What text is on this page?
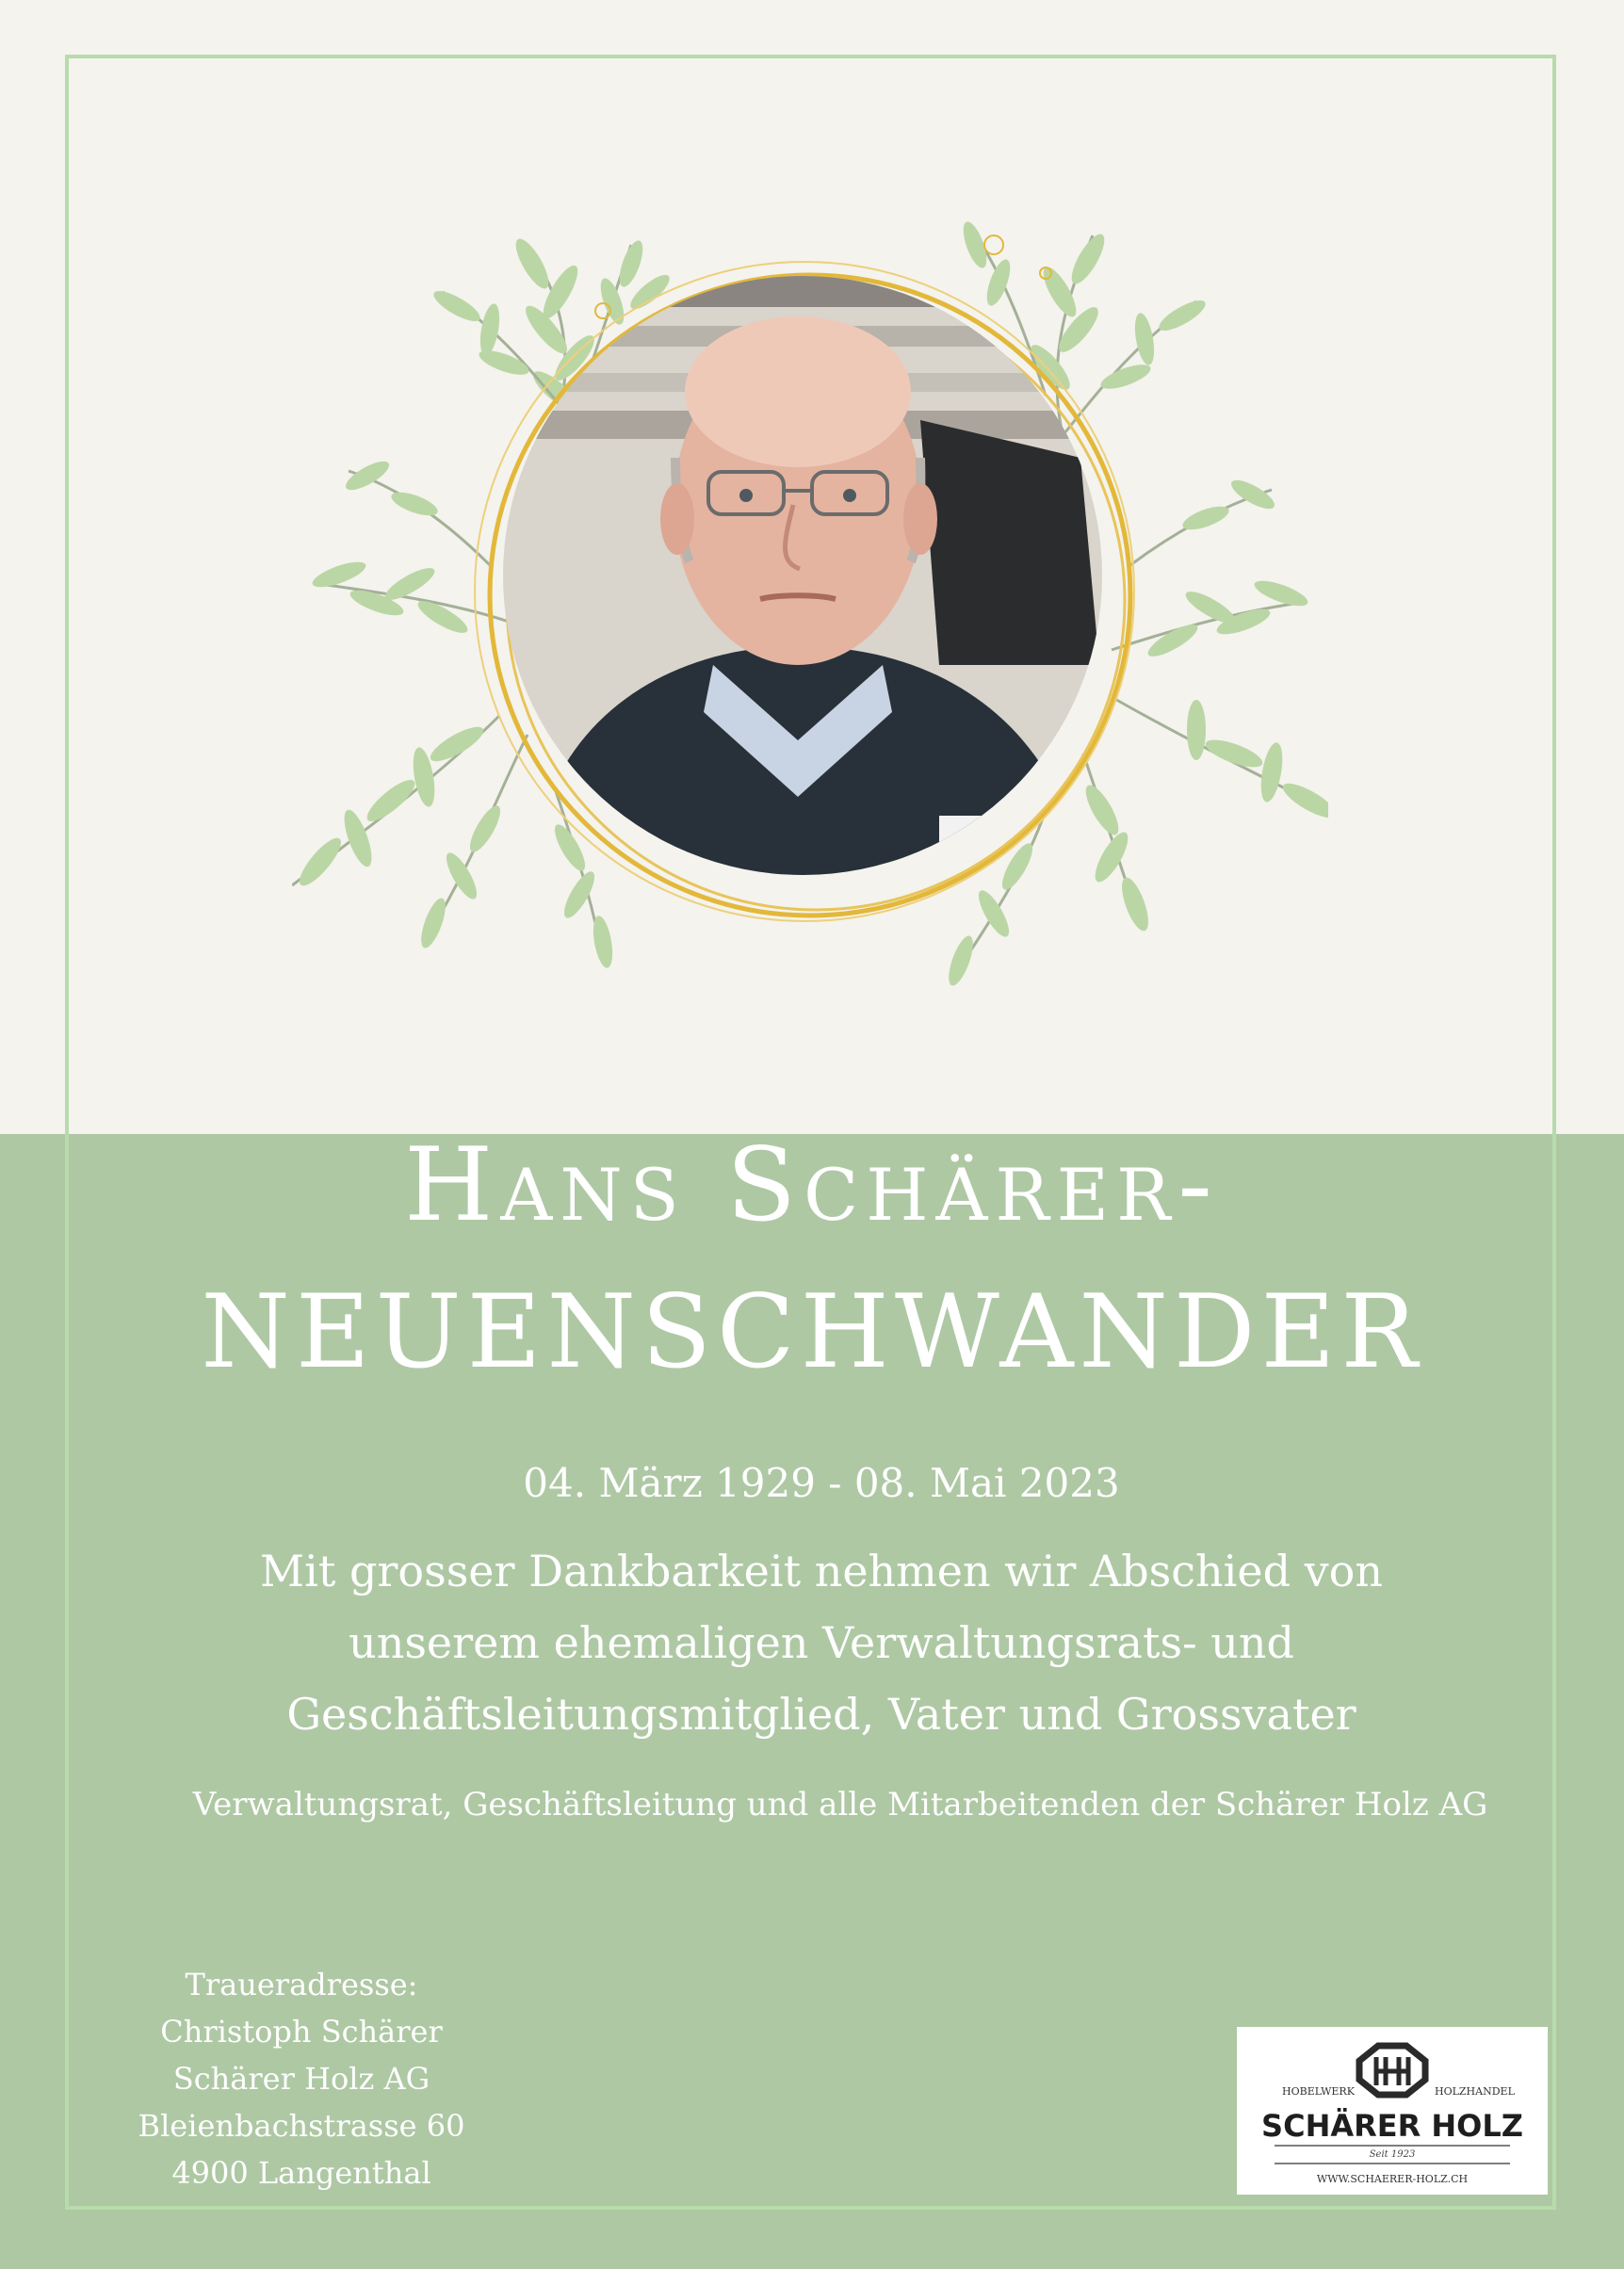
Hans Schärer-
NEUENSCHWANDER
04. März 1929 - 08. Mai 2023
Mit grosser Dankbarkeit nehmen wir Abschied von
unserem ehemaligen Verwaltungsrats- und
Geschäftsleitungsmitglied, Vater und Grossvater
Verwaltungsrat, Geschäftsleitung und alle Mitarbeitenden der Schärer Holz AG
Traueradresse:
Christoph Schärer
Schärer Holz AG
Bleienbachstrasse 60
4900 Langenthal
HOBELWERK	HOLZHANDEL
SCHÄRER HOLZ
Seit 1923
WWW.SCHAERER-HOLZ.CH
